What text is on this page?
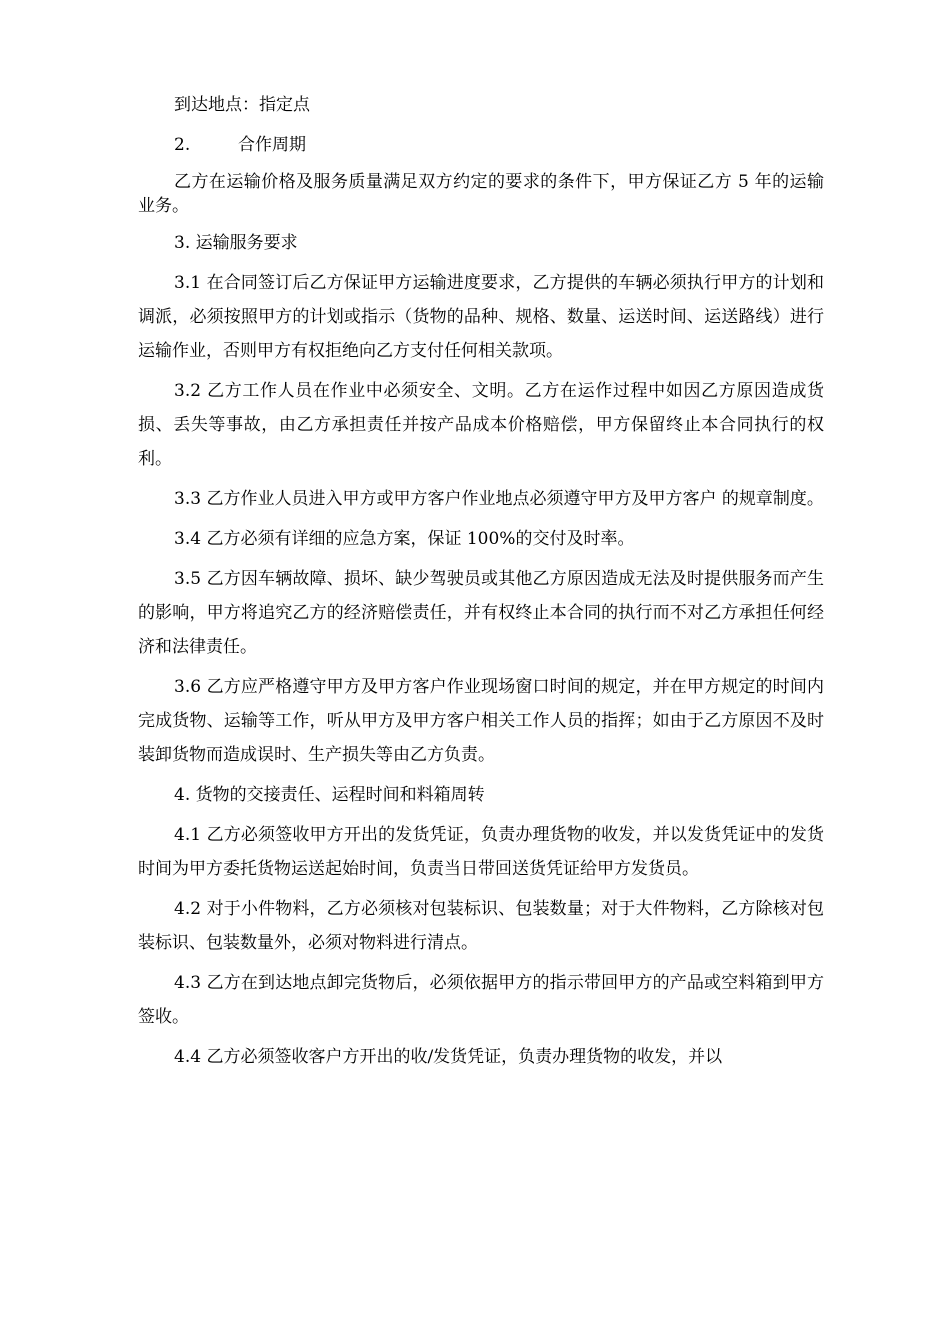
到达地点：指定点

2.	合作周期

乙方在运输价格及服务质量满足双方约定的要求的条件下，甲方保证乙方 5 年的运输业务。

3. 运输服务要求

3.1 在合同签订后乙方保证甲方运输进度要求，乙方提供的车辆必须执行甲方的计划和调派，必须按照甲方的计划或指示（货物的品种、规格、数量、运送时间、运送路线）进行运输作业，否则甲方有权拒绝向乙方支付任何相关款项。

3.2 乙方工作人员在作业中必须安全、文明。乙方在运作过程中如因乙方原因造成货损、丢失等事故，由乙方承担责任并按产品成本价格赔偿，甲方保留终止本合同执行的权利。

3.3 乙方作业人员进入甲方或甲方客户作业地点必须遵守甲方及甲方客户 的规章制度。

3.4 乙方必须有详细的应急方案，保证 100%的交付及时率。

3.5 乙方因车辆故障、损坏、缺少驾驶员或其他乙方原因造成无法及时提供服务而产生的影响，甲方将追究乙方的经济赔偿责任，并有权终止本合同的执行而不对乙方承担任何经济和法律责任。

3.6 乙方应严格遵守甲方及甲方客户作业现场窗口时间的规定，并在甲方规定的时间内完成货物、运输等工作，听从甲方及甲方客户相关工作人员的指挥；如由于乙方原因不及时装卸货物而造成误时、生产损失等由乙方负责。

4. 货物的交接责任、运程时间和料箱周转

4.1 乙方必须签收甲方开出的发货凭证，负责办理货物的收发，并以发货凭证中的发货时间为甲方委托货物运送起始时间，负责当日带回送货凭证给甲方发货员。

4.2 对于小件物料，乙方必须核对包装标识、包装数量；对于大件物料，乙方除核对包装标识、包装数量外，必须对物料进行清点。

4.3 乙方在到达地点卸完货物后，必须依据甲方的指示带回甲方的产品或空料箱到甲方签收。

4.4 乙方必须签收客户方开出的收/发货凭证，负责办理货物的收发，并以
